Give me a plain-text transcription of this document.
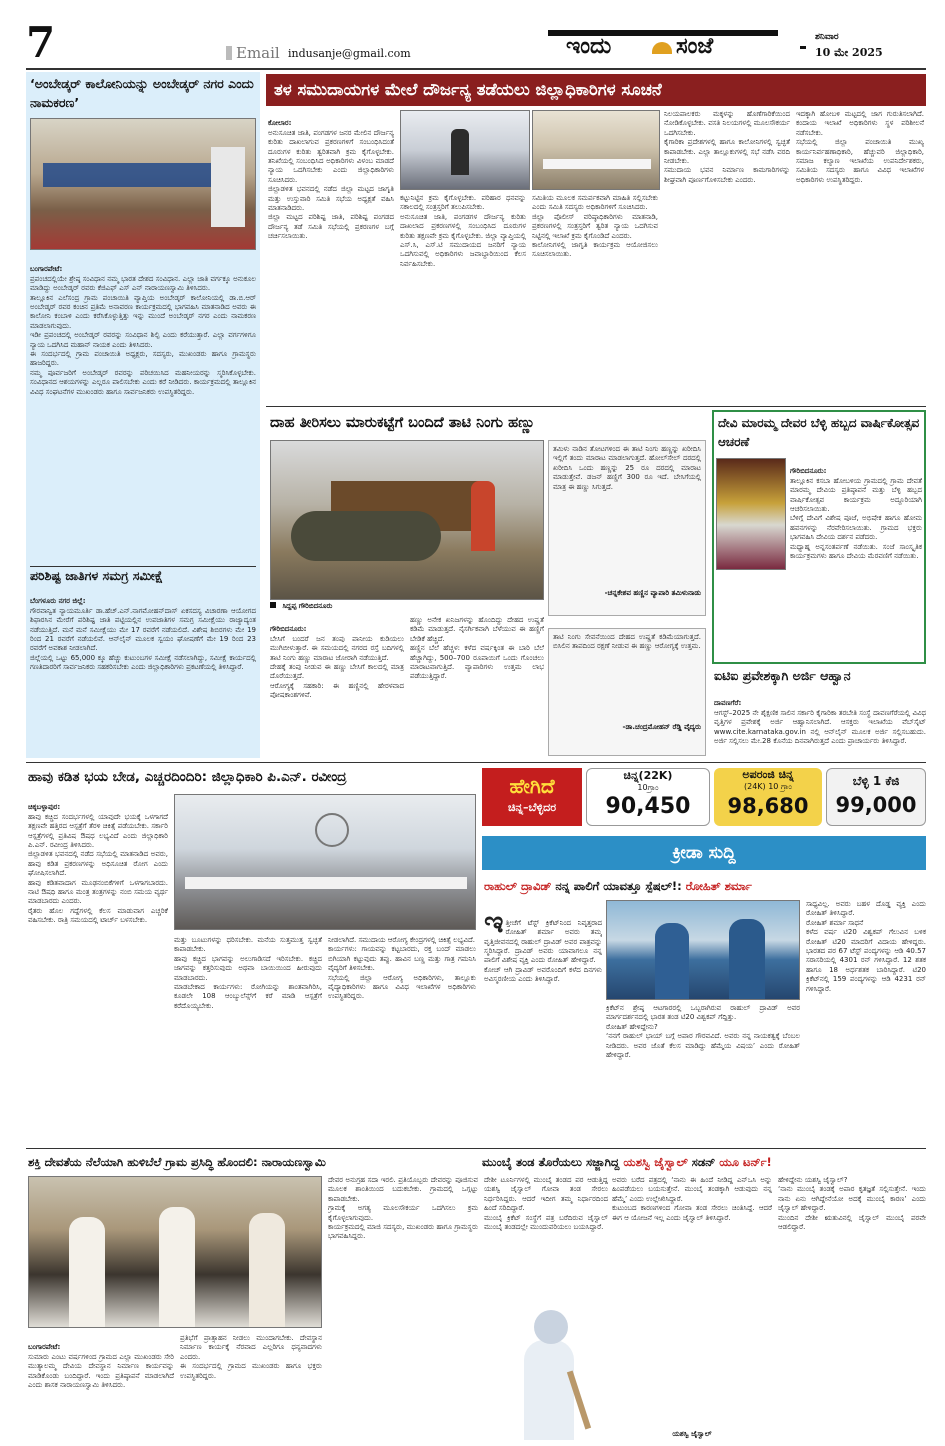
7	Email indusanje@gmail.com	ಇಂದು	ಸಂಜೆ	ಶನಿವಾರ
10 ಮೇ 2025
‘ಅಂಬೇಡ್ಕರ್ ಕಾಲೋನಿಯನ್ನು ಅಂಬೇಡ್ಕರ್ ನಗರ ಎಂದು ನಾಮಕರಣ’

ಬಂಗಾರಪೇಟೆ:
ಪ್ರಪಂಚದಲ್ಲಿಯೇ ಶ್ರೇಷ್ಠ ಸಂವಿಧಾನ ನಮ್ಮ ಭಾರತ ದೇಶದ ಸಂವಿಧಾನ. ಎಲ್ಲಾ ಜಾತಿ ವರ್ಗಕ್ಕೂ ಅನುಕೂಲ ಮಾಡಿದ್ದು ಅಂಬೇಡ್ಕರ್ ರವರು ಕೆಜಿಎಫ್ ಎಸ್ ಎನ್ ನಾರಾಯಣಸ್ವಾಮಿ ತಿಳಿಸಿದರು.
ತಾಲ್ಲೂಕಿನ ಎಲೆಸಂದ್ರ ಗ್ರಾಮ ಪಂಚಾಯಿತಿ ವ್ಯಾಪ್ತಿಯ ಅಂಬೇಡ್ಕರ್ ಕಾಲೋನಿಯಲ್ಲಿ ಡಾ.ಬಿ.ಆರ್ ಅಂಬೇಡ್ಕರ್ ರವರ ಕಂಚಿನ ಪ್ರತಿಮೆ ಅನಾವರಣ ಕಾರ್ಯಕ್ರಮದಲ್ಲಿ ಭಾಗವಹಿಸಿ ಮಾತನಾಡಿದ ಅವರು ಈ ಕಾಲೋನಿ ಕಂಬಾಳಿ ಎಂದು ಕರೆಸಿಕೊಳ್ಳುತ್ತಿತ್ತು ಇನ್ನು ಮುಂದೆ ಅಂಬೇಡ್ಕರ್ ನಗರ ಎಂದು ನಾಮಕರಣ ಮಾಡಲಾಗುವುದು.
ಇಡೀ ಪ್ರಪಂಚದಲ್ಲಿ ಅಂಬೇಡ್ಕರ್ ರವರನ್ನು ಸಂವಿಧಾನ ಶಿಲ್ಪಿ ಎಂದು ಕರೆಯುತ್ತಾರೆ. ಎಲ್ಲಾ ವರ್ಗಗಳಿಗೂ ನ್ಯಾಯ ಒದಗಿಸಿದ ಮಹಾನ್ ನಾಯಕ ಎಂದು ತಿಳಿಸಿದರು.
ಈ ಸಂದರ್ಭದಲ್ಲಿ ಗ್ರಾಮ ಪಂಚಾಯಿತಿ ಅಧ್ಯಕ್ಷರು, ಸದಸ್ಯರು, ಮುಖಂಡರು ಹಾಗೂ ಗ್ರಾಮಸ್ಥರು ಹಾಜರಿದ್ದರು.
ನಮ್ಮ ಪೂರ್ವಜರಿಗೆ ಅಂಬೇಡ್ಕರ್ ರವರನ್ನು ಪರಿಚಯಿಸಿದ ಮಹನೀಯರನ್ನು ಸ್ಮರಿಸಿಕೊಳ್ಳಬೇಕು. ಸಂವಿಧಾನದ ಆಶಯಗಳನ್ನು ಎಲ್ಲರೂ ಪಾಲಿಸಬೇಕು ಎಂದು ಕರೆ ನೀಡಿದರು. ಕಾರ್ಯಕ್ರಮದಲ್ಲಿ ತಾಲ್ಲೂಕಿನ ವಿವಿಧ ಸಂಘಟನೆಗಳ ಮುಖಂಡರು ಹಾಗೂ ಸಾರ್ವಜನಿಕರು ಉಪಸ್ಥಿತರಿದ್ದರು.

ಪರಿಶಿಷ್ಟ ಜಾತಿಗಳ ಸಮಗ್ರ ಸಮೀಕ್ಷೆ

ಬೆಂಗಳೂರು ನಗರ ಜಿಲ್ಲೆ:
ಗೌರವಾನ್ವಿತ ನ್ಯಾಯಮೂರ್ತಿ ಡಾ.ಹೆಚ್.ಎನ್.ನಾಗಮೋಹನ್‌ದಾಸ್ ಏಕಸದಸ್ಯ ವಿಚಾರಣಾ ಆಯೋಗದ ಶಿಫಾರಸಿನ ಮೇರೆಗೆ ಪರಿಶಿಷ್ಟ ಜಾತಿ ಪಟ್ಟಿಯಲ್ಲಿನ ಉಪಜಾತಿಗಳ ಸಮಗ್ರ ಸಮೀಕ್ಷೆಯು ರಾಜ್ಯಾದ್ಯಂತ ನಡೆಯುತ್ತಿದೆ. ಮನೆ ಮನೆ ಸಮೀಕ್ಷೆಯು ಮೇ 17 ರವರೆಗೆ ನಡೆಯಲಿದೆ. ವಿಶೇಷ ಶಿಬಿರಗಳು ಮೇ 19 ರಿಂದ 21 ರವರೆಗೆ ನಡೆಯಲಿವೆ. ಆನ್‌ಲೈನ್ ಮೂಲಕ ಸ್ವಯಂ ಘೋಷಣೆಗೆ ಮೇ 19 ರಿಂದ 23 ರವರೆಗೆ ಅವಕಾಶ ನೀಡಲಾಗಿದೆ.
ಜಿಲ್ಲೆಯಲ್ಲಿ ಒಟ್ಟು 65,000 ಕ್ಕೂ ಹೆಚ್ಚು ಕುಟುಂಬಗಳ ಸಮೀಕ್ಷೆ ನಡೆಸಲಾಗಿದ್ದು, ಸಮೀಕ್ಷೆ ಕಾರ್ಯದಲ್ಲಿ ಗಣತಿದಾರರಿಗೆ ಸಾರ್ವಜನಿಕರು ಸಹಕರಿಸಬೇಕು ಎಂದು ಜಿಲ್ಲಾಧಿಕಾರಿಗಳು ಪ್ರಕಟಣೆಯಲ್ಲಿ ತಿಳಿಸಿದ್ದಾರೆ.

ತಳ ಸಮುದಾಯಗಳ ಮೇಲೆ ದೌರ್ಜನ್ಯ ತಡೆಯಲು ಜಿಲ್ಲಾಧಿಕಾರಿಗಳ ಸೂಚನೆ

ಕೋಲಾರ:
ಅನುಸೂಚಿತ ಜಾತಿ, ಪಂಗಡಗಳ ಜನರ ಮೇಲಿನ ದೌರ್ಜನ್ಯ ಕುರಿತು ದಾಖಲಾಗುವ ಪ್ರಕರಣಗಳಿಗೆ ಸಂಬಂಧಿಸಿದಂತೆ ದೂರುಗಳ ಕುರಿತು ತ್ವರಿತವಾಗಿ ಕ್ರಮ ಕೈಗೊಳ್ಳಬೇಕು. ತನಿಖೆಯಲ್ಲಿ ಸಂಬಂಧಿಸಿದ ಅಧಿಕಾರಿಗಳು ವಿಳಂಬ ಮಾಡದೆ ನ್ಯಾಯ ಒದಗಿಸಬೇಕು ಎಂದು ಜಿಲ್ಲಾಧಿಕಾರಿಗಳು ಸೂಚಿಸಿದರು.
ಜಿಲ್ಲಾಡಳಿತ ಭವನದಲ್ಲಿ ನಡೆದ ಜಿಲ್ಲಾ ಮಟ್ಟದ ಜಾಗೃತಿ ಮತ್ತು ಉಸ್ತುವಾರಿ ಸಮಿತಿ ಸಭೆಯ ಅಧ್ಯಕ್ಷತೆ ವಹಿಸಿ ಮಾತನಾಡಿದರು.
ಜಿಲ್ಲಾ ಮಟ್ಟದ ಪರಿಶಿಷ್ಟ ಜಾತಿ, ಪರಿಶಿಷ್ಟ ಪಂಗಡದ ದೌರ್ಜನ್ಯ ತಡೆ ಸಮಿತಿ ಸಭೆಯಲ್ಲಿ ಪ್ರಕರಣಗಳ ಬಗ್ಗೆ ಚರ್ಚಿಸಲಾಯಿತು.

ಕಟ್ಟುನಿಟ್ಟಿನ ಕ್ರಮ ಕೈಗೊಳ್ಳಬೇಕು. ಪರಿಹಾರ ಧನವನ್ನು ಸಕಾಲದಲ್ಲಿ ಸಂತ್ರಸ್ತರಿಗೆ ತಲುಪಿಸಬೇಕು.
ಅನುಸೂಚಿತ ಜಾತಿ, ಪಂಗಡಗಳ ದೌರ್ಜನ್ಯ ಕುರಿತು ದಾಖಲಾದ ಪ್ರಕರಣಗಳಲ್ಲಿ ಸಂಬಂಧಿಸಿದ ದೂರುಗಳ ಕುರಿತು ತಕ್ಷಣವೇ ಕ್ರಮ ಕೈಗೊಳ್ಳಬೇಕು. ಜಿಲ್ಲಾ ವ್ಯಾಪ್ತಿಯಲ್ಲಿ ಎಸ್.ಸಿ, ಎಸ್.ಟಿ ಸಮುದಾಯದ ಜನರಿಗೆ ನ್ಯಾಯ ಒದಗಿಸುವಲ್ಲಿ ಅಧಿಕಾರಿಗಳು ಜವಾಬ್ದಾರಿಯಿಂದ ಕೆಲಸ ನಿರ್ವಹಿಸಬೇಕು.
ಸಮಿತಿಯ ಮೂಲಕ ಸಮರ್ಪಕವಾಗಿ ಮಾಹಿತಿ ಸಲ್ಲಿಸಬೇಕು ಎಂದು ಸಮಿತಿ ಸದಸ್ಯರು ಅಧಿಕಾರಿಗಳಿಗೆ ಸೂಚಿಸಿದರು.
ಜಿಲ್ಲಾ ಪೊಲೀಸ್ ವರಿಷ್ಠಾಧಿಕಾರಿಗಳು ಮಾತನಾಡಿ, ಪ್ರಕರಣಗಳಲ್ಲಿ ಸಂತ್ರಸ್ತರಿಗೆ ತ್ವರಿತ ನ್ಯಾಯ ಒದಗಿಸುವ ನಿಟ್ಟಿನಲ್ಲಿ ಇಲಾಖೆ ಕ್ರಮ ಕೈಗೊಂಡಿದೆ ಎಂದರು.
ಕಾಲೋನಿಗಳಲ್ಲಿ ಜಾಗೃತಿ ಕಾರ್ಯಕ್ರಮ ಆಯೋಜಿಸಲು ಸೂಚಿಸಲಾಯಿತು.
ನಿಲಯಪಾಲಕರು ಮಕ್ಕಳನ್ನು ಹೊಣೆಗಾರಿಕೆಯಿಂದ ನೋಡಿಕೊಳ್ಳಬೇಕು. ವಸತಿ ನಿಲಯಗಳಲ್ಲಿ ಮೂಲಸೌಕರ್ಯ ಒದಗಿಸಬೇಕು.
ಕೈಗಾರಿಕಾ ಪ್ರದೇಶಗಳಲ್ಲಿ ಹಾಗೂ ಕಾಲೋನಿಗಳಲ್ಲಿ ಸ್ವಚ್ಛತೆ ಕಾಪಾಡಬೇಕು. ಎಲ್ಲಾ ತಾಲ್ಲೂಕುಗಳಲ್ಲಿ ಸಭೆ ನಡೆಸಿ ವರದಿ ನೀಡಬೇಕು.
ಸಮುದಾಯ ಭವನ ನಿರ್ಮಾಣ ಕಾಮಗಾರಿಗಳನ್ನು ಶೀಘ್ರವಾಗಿ ಪೂರ್ಣಗೊಳಿಸಬೇಕು ಎಂದರು.
ಇದಕ್ಕಾಗಿ ಹೋಬಳಿ ಮಟ್ಟದಲ್ಲಿ ಜಾಗ ಗುರುತಿಸಲಾಗಿದೆ. ಕಂದಾಯ ಇಲಾಖೆ ಅಧಿಕಾರಿಗಳು ಸ್ಥಳ ಪರಿಶೀಲನೆ ನಡೆಸಬೇಕು.
ಸಭೆಯಲ್ಲಿ ಜಿಲ್ಲಾ ಪಂಚಾಯಿತಿ ಮುಖ್ಯ ಕಾರ್ಯನಿರ್ವಹಣಾಧಿಕಾರಿ, ಹೆಚ್ಚುವರಿ ಜಿಲ್ಲಾಧಿಕಾರಿ, ಸಮಾಜ ಕಲ್ಯಾಣ ಇಲಾಖೆಯ ಉಪನಿರ್ದೇಶಕರು, ಸಮಿತಿಯ ಸದಸ್ಯರು ಹಾಗೂ ವಿವಿಧ ಇಲಾಖೆಗಳ ಅಧಿಕಾರಿಗಳು ಉಪಸ್ಥಿತರಿದ್ದರು.
ದಾಹ ತೀರಿಸಲು ಮಾರುಕಟ್ಟೆಗೆ ಬಂದಿದೆ ತಾಟಿ ನಿಂಗು ಹಣ್ಣು
ಸಿದ್ದಪ್ಪ ಗೌರಿಬಿದನೂರು
ತಮಿಳು ನಾಡಿನ ತೋಟಗಳಿಂದ ಈ ತಾಟಿ ನಿಂಗು ಹಣ್ಣನ್ನು ಖರೀದಿಸಿ ಇಲ್ಲಿಗೆ ತಂದು ಮಾರಾಟ ಮಾಡಲಾಗುತ್ತದೆ. ಹೋಲ್‌ಸೇಲ್ ದರದಲ್ಲಿ ಖರೀದಿಸಿ ಒಂದು ಹಣ್ಣನ್ನು 25 ರೂ ದರದಲ್ಲಿ ಮಾರಾಟ ಮಾಡುತ್ತೇವೆ. ಡಜನ್ ಹಣ್ಣಿಗೆ 300 ರೂ ಇದೆ. ಬೇಸಿಗೆಯಲ್ಲಿ ಮಾತ್ರ ಈ ಹಣ್ಣು ಸಿಗುತ್ತದೆ.
-ಚನ್ನಕೇಶವ ಹಣ್ಣಿನ ವ್ಯಾಪಾರಿ ತಮಿಳುನಾಡು

ಗೌರಿಬಿದನೂರು:
ಬೇಸಿಗೆ ಬಂದರೆ ಜನ ತಂಪು ಪಾನೀಯ ಕುಡಿಯಲು ಮುಗಿಬೀಳುತ್ತಾರೆ. ಈ ಸಮಯದಲ್ಲಿ ನಗರದ ರಸ್ತೆ ಬದಿಗಳಲ್ಲಿ ತಾಟಿ ನಿಂಗು ಹಣ್ಣು ಮಾರಾಟ ಜೋರಾಗಿ ನಡೆಯುತ್ತಿದೆ.
ದೇಹಕ್ಕೆ ತಂಪು ನೀಡುವ ಈ ಹಣ್ಣು ಬೇಸಿಗೆ ಕಾಲದಲ್ಲಿ ಮಾತ್ರ ದೊರೆಯುತ್ತದೆ.
ಆರೋಗ್ಯಕ್ಕೆ ಸಹಕಾರಿ: ಈ ಹಣ್ಣಿನಲ್ಲಿ ಹೇರಳವಾದ ಪೋಷಕಾಂಶಗಳಿವೆ.

ಹಣ್ಣು ಅನೇಕ ಖನಿಜಗಳನ್ನು ಹೊಂದಿದ್ದು ದೇಹದ ಉಷ್ಣತೆ ಕಡಿಮೆ ಮಾಡುತ್ತದೆ. ನೈಸರ್ಗಿಕವಾಗಿ ಬೆಳೆಯುವ ಈ ಹಣ್ಣಿಗೆ ಬೇಡಿಕೆ ಹೆಚ್ಚಿದೆ.
ಹಣ್ಣಿನ ಬೆಲೆ ಹೆಚ್ಚಳ: ಕಳೆದ ವರ್ಷಕ್ಕಿಂತ ಈ ಬಾರಿ ಬೆಲೆ ಹೆಚ್ಚಾಗಿದ್ದು, 500–700 ರೂಪಾಯಿಗೆ ಒಂದು ಗೊಂಚಲು ಮಾರಾಟವಾಗುತ್ತಿದೆ. ವ್ಯಾಪಾರಿಗಳು ಉತ್ತಮ ಲಾಭ ಪಡೆಯುತ್ತಿದ್ದಾರೆ.
ತಾಟಿ ನಿಂಗು ಸೇವನೆಯಿಂದ ದೇಹದ ಉಷ್ಣತೆ ಕಡಿಮೆಯಾಗುತ್ತದೆ. ಬಿಸಿಲಿನ ತಾಪದಿಂದ ರಕ್ಷಣೆ ನೀಡುವ ಈ ಹಣ್ಣು ಆರೋಗ್ಯಕ್ಕೆ ಉತ್ತಮ.
-ಡಾ.ಚಂದ್ರಮೋಹನ್ ರೆಡ್ಡಿ ವೈದ್ಯರು
ದೇವಿ ಮಾರಮ್ಮ ದೇವರ ಬೆಳ್ಳಿ ಹಬ್ಬದ ವಾರ್ಷಿಕೋತ್ಸವ ಆಚರಣೆ

ಗೌರಿಬಿದನೂರು:
ತಾಲ್ಲೂಕಿನ ಕಸಬಾ ಹೋಬಳಿಯ ಗ್ರಾಮದಲ್ಲಿ ಗ್ರಾಮ ದೇವತೆ ಮಾರಮ್ಮ ದೇವಿಯ ಪ್ರತಿಷ್ಠಾಪನೆ ಮತ್ತು ಬೆಳ್ಳಿ ಹಬ್ಬದ ವಾರ್ಷಿಕೋತ್ಸವ ಕಾರ್ಯಕ್ರಮ ಅದ್ದೂರಿಯಾಗಿ ಆಚರಿಸಲಾಯಿತು.
ಬೆಳಿಗ್ಗೆ ದೇವಿಗೆ ವಿಶೇಷ ಪೂಜೆ, ಅಭಿಷೇಕ ಹಾಗೂ ಹೋಮ ಹವನಗಳನ್ನು ನೆರವೇರಿಸಲಾಯಿತು. ಗ್ರಾಮದ ಭಕ್ತರು ಭಾಗವಹಿಸಿ ದೇವಿಯ ದರ್ಶನ ಪಡೆದರು.
ಮಧ್ಯಾಹ್ನ ಅನ್ನಸಂತರ್ಪಣೆ ನಡೆಯಿತು. ಸಂಜೆ ಸಾಂಸ್ಕೃತಿಕ ಕಾರ್ಯಕ್ರಮಗಳು ಹಾಗೂ ದೇವಿಯ ಮೆರವಣಿಗೆ ನಡೆಯಿತು.

ಐಟಿಐ ಪ್ರವೇಶಕ್ಕಾಗಿ ಅರ್ಜಿ ಆಹ್ವಾನ

ದಾವಣಗೆರೆ:
ಆಗಸ್ಟ್–2025 ನೇ ಶೈಕ್ಷಣಿಕ ಸಾಲಿನ ಸರ್ಕಾರಿ ಕೈಗಾರಿಕಾ ತರಬೇತಿ ಸಂಸ್ಥೆ ದಾವಣಗೆರೆಯಲ್ಲಿ ವಿವಿಧ ವೃತ್ತಿಗಳ ಪ್ರವೇಶಕ್ಕೆ ಅರ್ಜಿ ಆಹ್ವಾನಿಸಲಾಗಿದೆ. ಆಸಕ್ತರು ಇಲಾಖೆಯ ವೆಬ್‌ಸೈಟ್ www.cite.karnataka.gov.in ನಲ್ಲಿ ಆನ್‌ಲೈನ್ ಮೂಲಕ ಅರ್ಜಿ ಸಲ್ಲಿಸಬಹುದು. ಅರ್ಜಿ ಸಲ್ಲಿಸಲು ಮೇ.28 ಕೊನೆಯ ದಿನವಾಗಿರುತ್ತದೆ ಎಂದು ಪ್ರಾಚಾರ್ಯರು ತಿಳಿಸಿದ್ದಾರೆ.

ಹಾವು ಕಡಿತ ಭಯ ಬೇಡ, ಎಚ್ಚರದಿಂದಿರಿ: ಜಿಲ್ಲಾಧಿಕಾರಿ ಪಿ.ಎನ್. ರವೀಂದ್ರ

ಚಿಕ್ಕಬಳ್ಳಾಪುರ:
ಹಾವು ಕಚ್ಚಿದ ಸಂದರ್ಭಗಳಲ್ಲಿ ಯಾವುದೇ ಭಯಕ್ಕೆ ಒಳಗಾಗದೆ ತಕ್ಷಣವೇ ಹತ್ತಿರದ ಆಸ್ಪತ್ರೆಗೆ ತೆರಳಿ ಚಿಕಿತ್ಸೆ ಪಡೆಯಬೇಕು. ಸರ್ಕಾರಿ ಆಸ್ಪತ್ರೆಗಳಲ್ಲಿ ಪ್ರತಿವಿಷ ಔಷಧ ಲಭ್ಯವಿದೆ ಎಂದು ಜಿಲ್ಲಾಧಿಕಾರಿ ಪಿ.ಎನ್. ರವೀಂದ್ರ ತಿಳಿಸಿದರು.
ಜಿಲ್ಲಾಡಳಿತ ಭವನದಲ್ಲಿ ನಡೆದ ಸಭೆಯಲ್ಲಿ ಮಾತನಾಡಿದ ಅವರು, ಹಾವು ಕಡಿತ ಪ್ರಕರಣಗಳನ್ನು ಅಧಿಸೂಚಿತ ರೋಗ ಎಂದು ಘೋಷಿಸಲಾಗಿದೆ.
ಹಾವು ಕಡಿತವಾದಾಗ ಮೂಢನಂಬಿಕೆಗಳಿಗೆ ಒಳಗಾಗಬಾರದು. ನಾಟಿ ಔಷಧಿ ಹಾಗೂ ಮಂತ್ರ ತಂತ್ರಗಳನ್ನು ನಂಬಿ ಸಮಯ ವ್ಯರ್ಥ ಮಾಡಬಾರದು ಎಂದರು.
ರೈತರು ಹೊಲ ಗದ್ದೆಗಳಲ್ಲಿ ಕೆಲಸ ಮಾಡುವಾಗ ಎಚ್ಚರಿಕೆ ವಹಿಸಬೇಕು. ರಾತ್ರಿ ಸಮಯದಲ್ಲಿ ಟಾರ್ಚ್ ಬಳಸಬೇಕು.

ಮತ್ತು ಬೂಟುಗಳನ್ನು ಧರಿಸಬೇಕು. ಮನೆಯ ಸುತ್ತಮುತ್ತ ಸ್ವಚ್ಛತೆ ಕಾಪಾಡಬೇಕು.
ಹಾವು ಕಚ್ಚಿದ ಭಾಗವನ್ನು ಅಲುಗಾಡಿಸದೆ ಇರಿಸಬೇಕು. ಕಚ್ಚಿದ ಜಾಗವನ್ನು ಕತ್ತರಿಸುವುದು ಅಥವಾ ಬಾಯಿಯಿಂದ ಹೀರುವುದು ಮಾಡಬಾರದು.
ಮಾಡಬೇಕಾದ ಕಾರ್ಯಗಳು: ರೋಗಿಯನ್ನು ಶಾಂತವಾಗಿರಿಸಿ, ಕೂಡಲೇ 108 ಆಂಬ್ಯುಲೆನ್ಸ್‌ಗೆ ಕರೆ ಮಾಡಿ ಆಸ್ಪತ್ರೆಗೆ ಕರೆದೊಯ್ಯಬೇಕು.
ನೀಡಲಾಗಿದೆ. ಸಮುದಾಯ ಆರೋಗ್ಯ ಕೇಂದ್ರಗಳಲ್ಲಿ ಚಿಕಿತ್ಸೆ ಲಭ್ಯವಿದೆ.
ಕಾರ್ಯಗಳು: ಗಾಯವನ್ನು ಕಟ್ಟಬಾರದು, ರಕ್ತ ಬಂದ್ ಮಾಡಲು ಬಿಗಿಯಾಗಿ ಕಟ್ಟುವುದು ತಪ್ಪು. ಹಾವಿನ ಬಣ್ಣ ಮತ್ತು ಗಾತ್ರ ಗಮನಿಸಿ ವೈದ್ಯರಿಗೆ ತಿಳಿಸಬೇಕು.
ಸಭೆಯಲ್ಲಿ ಜಿಲ್ಲಾ ಆರೋಗ್ಯ ಅಧಿಕಾರಿಗಳು, ತಾಲ್ಲೂಕು ವೈದ್ಯಾಧಿಕಾರಿಗಳು ಹಾಗೂ ವಿವಿಧ ಇಲಾಖೆಗಳ ಅಧಿಕಾರಿಗಳು ಉಪಸ್ಥಿತರಿದ್ದರು.
ಹೇಗಿದೆ
ಚಿನ್ನ–ಬೆಳ್ಳಿದರ
ಚಿನ್ನ(22K)
10ಗ್ರಾಂ
90,450
ಅಪರಂಜಿ ಚಿನ್ನ
(24K) 10 ಗ್ರಾಂ
98,680
ಬೆಳ್ಳಿ 1 ಕೆಜಿ
99,000
ಕ್ರೀಡಾ ಸುದ್ದಿ
ರಾಹುಲ್ ದ್ರಾವಿಡ್ ನನ್ನ ಪಾಲಿಗೆ ಯಾವತ್ತೂ ಸ್ಪೆಷಲ್!: ರೋಹಿತ್ ಶರ್ಮಾ

ಇ ತ್ತೀಚೆಗೆ ಟೆಸ್ಟ್ ಕ್ರಿಕೆಟ್‌ನಿಂದ ನಿವೃತ್ತರಾದ ರೋಹಿತ್ ಶರ್ಮಾ ಅವರು ತಮ್ಮ ವೃತ್ತಿಜೀವನದಲ್ಲಿ ರಾಹುಲ್ ದ್ರಾವಿಡ್ ಅವರ ಪಾತ್ರವನ್ನು ಸ್ಮರಿಸಿದ್ದಾರೆ. ದ್ರಾವಿಡ್ ಅವರು ಯಾವಾಗಲೂ ನನ್ನ ಪಾಲಿಗೆ ವಿಶೇಷ ವ್ಯಕ್ತಿ ಎಂದು ರೋಹಿತ್ ಹೇಳಿದ್ದಾರೆ.
ಕೋಚ್ ಆಗಿ ದ್ರಾವಿಡ್ ಅವರೊಂದಿಗೆ ಕಳೆದ ದಿನಗಳು ಅವಿಸ್ಮರಣೀಯ ಎಂದು ತಿಳಿಸಿದ್ದಾರೆ.

ಕ್ರಿಕೆಟ್‌ನ ಶ್ರೇಷ್ಠ ಆಟಗಾರರಲ್ಲಿ ಒಬ್ಬರಾಗಿರುವ ರಾಹುಲ್ ದ್ರಾವಿಡ್ ಅವರ ಮಾರ್ಗದರ್ಶನದಲ್ಲಿ ಭಾರತ ತಂಡ ಟಿ20 ವಿಶ್ವಕಪ್ ಗೆದ್ದಿತ್ತು.
ರೋಹಿತ್ ಹೇಳಿದ್ದೇನು?
‘ನನಗೆ ರಾಹುಲ್ ಭಾಯ್ ಬಗ್ಗೆ ಅಪಾರ ಗೌರವವಿದೆ. ಅವರು ನನ್ನ ನಾಯಕತ್ವಕ್ಕೆ ಬೆಂಬಲ ನೀಡಿದರು. ಅವರ ಜೊತೆ ಕೆಲಸ ಮಾಡಿದ್ದು ಹೆಮ್ಮೆಯ ವಿಷಯ’ ಎಂದು ರೋಹಿತ್ ಹೇಳಿದ್ದಾರೆ.
ಸಾಧ್ಯವಿಲ್ಲ. ಅವರು ಬಹಳ ದೊಡ್ಡ ವ್ಯಕ್ತಿ ಎಂದು ರೋಹಿತ್ ತಿಳಿಸಿದ್ದಾರೆ.
ರೋಹಿತ್ ಶರ್ಮಾ ಸಾಧನೆ
ಕಳೆದ ವರ್ಷ ಟಿ20 ವಿಶ್ವಕಪ್ ಗೆಲುವಿನ ಬಳಿಕ ರೋಹಿತ್ ಟಿ20 ಮಾದರಿಗೆ ವಿದಾಯ ಹೇಳಿದ್ದರು. ಭಾರತದ ಪರ 67 ಟೆಸ್ಟ್ ಪಂದ್ಯಗಳನ್ನು ಆಡಿ 40.57 ಸರಾಸರಿಯಲ್ಲಿ 4301 ರನ್ ಗಳಿಸಿದ್ದಾರೆ. 12 ಶತಕ ಹಾಗೂ 18 ಅರ್ಧಶತಕ ಬಾರಿಸಿದ್ದಾರೆ. ಟಿ20 ಕ್ರಿಕೆಟ್‌ನಲ್ಲಿ 159 ಪಂದ್ಯಗಳನ್ನು ಆಡಿ 4231 ರನ್ ಗಳಿಸಿದ್ದಾರೆ.
ಶಕ್ತಿ ದೇವತೆಯ ನೆಲೆಯಾಗಿ ಹುಳಿಬೆಲೆ ಗ್ರಾಮ ಪ್ರಸಿದ್ಧಿ ಹೊಂದಲಿ: ನಾರಾಯಣಸ್ವಾಮಿ

ಬಂಗಾರಪೇಟೆ:
ಸುಮಾರು ಎಂಟು ವರ್ಷಗಳಿಂದ ಗ್ರಾಮದ ಎಲ್ಲಾ ಮುಖಂಡರು ಸೇರಿ ಮುತ್ಯಾಲಮ್ಮ ದೇವಿಯ ದೇವಸ್ಥಾನ ನಿರ್ಮಾಣ ಕಾರ್ಯವನ್ನು ಮಾಡಿಕೊಂಡು ಬಂದಿದ್ದಾರೆ. ಇಂದು ಪ್ರತಿಷ್ಠಾಪನೆ ಮಾಡಲಾಗಿದೆ ಎಂದು ಶಾಸಕ ನಾರಾಯಣಸ್ವಾಮಿ ತಿಳಿಸಿದರು.

ಪ್ರತಿಭೆಗೆ ಪ್ರಾತ್ಸಾಹನ ನೀಡಲು ಮುಂದಾಗಬೇಕು. ದೇವಸ್ಥಾನ ನಿರ್ಮಾಣ ಕಾರ್ಯಕ್ಕೆ ನೆರವಾದ ಎಲ್ಲರಿಗೂ ಧನ್ಯವಾದಗಳು ಎಂದರು.
ಈ ಸಂದರ್ಭದಲ್ಲಿ ಗ್ರಾಮದ ಮುಖಂಡರು ಹಾಗೂ ಭಕ್ತರು ಉಪಸ್ಥಿತರಿದ್ದರು.
ದೇವರ ಅನುಗ್ರಹ ಸದಾ ಇರಲಿ. ಪ್ರತಿಯೊಬ್ಬರು ದೇವರನ್ನು ಪೂಜಿಸುವ ಮೂಲಕ ಶಾಂತಿಯಿಂದ ಬದುಕಬೇಕು. ಗ್ರಾಮದಲ್ಲಿ ಒಗ್ಗಟ್ಟು ಕಾಪಾಡಬೇಕು.
ಗ್ರಾಮಕ್ಕೆ ಅಗತ್ಯ ಮೂಲಸೌಕರ್ಯ ಒದಗಿಸಲು ಕ್ರಮ ಕೈಗೊಳ್ಳಲಾಗುವುದು.
ಕಾರ್ಯಕ್ರಮದಲ್ಲಿ ಮಾಜಿ ಸದಸ್ಯರು, ಮುಖಂಡರು ಹಾಗೂ ಗ್ರಾಮಸ್ಥರು ಭಾಗವಹಿಸಿದ್ದರು.
ಮುಂಬೈ ತಂಡ ತೊರೆಯಲು ಸಜ್ಜಾಗಿದ್ದ ಯಶಸ್ವಿ ಜೈಸ್ವಾಲ್ ಸಡನ್ ಯೂ ಟರ್ನ್!
ದೇಶೀ ಟೂರ್ನಿಗಳಲ್ಲಿ ಮುಂಬೈ ತಂಡದ ಪರ ಆಡುತ್ತಿದ್ದ ಯಶಸ್ವಿ ಜೈಸ್ವಾಲ್ ಗೋವಾ ತಂಡ ಸೇರಲು ನಿರ್ಧರಿಸಿದ್ದರು. ಆದರೆ ಇದೀಗ ತಮ್ಮ ನಿರ್ಧಾರದಿಂದ ಹಿಂದೆ ಸರಿದಿದ್ದಾರೆ.
ಮುಂಬೈ ಕ್ರಿಕೆಟ್ ಸಂಸ್ಥೆಗೆ ಪತ್ರ ಬರೆದಿರುವ ಜೈಸ್ವಾಲ್ ಮುಂಬೈ ತಂಡದಲ್ಲೇ ಮುಂದುವರಿಯಲು ಬಯಸಿದ್ದಾರೆ.
ಅವರು ಬರೆದ ಪತ್ರದಲ್ಲಿ ‘ನಾನು ಈ ಹಿಂದೆ ನೀಡಿದ್ದ ಎನ್‌ಒಸಿ ಅನ್ನು ಹಿಂಪಡೆಯಲು ಬಯಸುತ್ತೇನೆ. ಮುಂಬೈ ತಂಡಕ್ಕಾಗಿ ಆಡುವುದು ನನ್ನ ಹೆಮ್ಮೆ’ ಎಂದು ಉಲ್ಲೇಖಿಸಿದ್ದಾರೆ.
ಕುಟುಂಬದ ಕಾರಣಗಳಿಂದ ಗೋವಾ ತಂಡ ಸೇರಲು ಚಿಂತಿಸಿದ್ದೆ. ಆದರೆ ಈಗ ಆ ಯೋಜನೆ ಇಲ್ಲ ಎಂದು ಜೈಸ್ವಾಲ್ ತಿಳಿಸಿದ್ದಾರೆ.
ಯಶಸ್ವಿ ಜೈಸ್ವಾಲ್
ಹೇಳಿದ್ದೇನು ಯಶಸ್ವಿ ಜೈಸ್ವಾಲ್?
‘ನಾನು ಮುಂಬೈ ತಂಡಕ್ಕೆ ಅಪಾರ ಕೃತಜ್ಞತೆ ಸಲ್ಲಿಸುತ್ತೇನೆ. ಇಂದು ನಾನು ಏನು ಆಗಿದ್ದೇನೆಯೋ ಅದಕ್ಕೆ ಮುಂಬೈ ಕಾರಣ’ ಎಂದು ಜೈಸ್ವಾಲ್ ಹೇಳಿದ್ದಾರೆ.
ಮುಂದಿನ ದೇಶೀ ಋತುವಿನಲ್ಲಿ ಜೈಸ್ವಾಲ್ ಮುಂಬೈ ಪರವೇ ಆಡಲಿದ್ದಾರೆ.
